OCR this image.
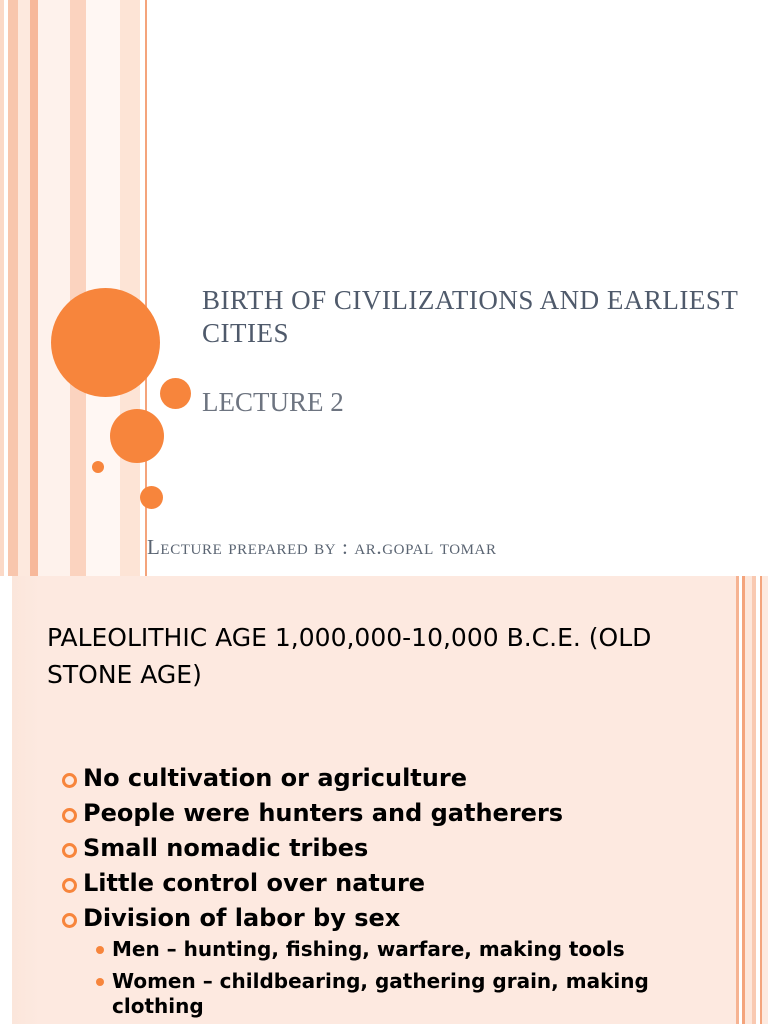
BIRTH OF CIVILIZATIONS AND EARLIEST CITIES

LECTURE 2

Lecture prepared by : ar.gopal tomar

PALEOLITHIC AGE 1,000,000-10,000 B.C.E. (OLD STONE AGE)
No cultivation or agriculture
People were hunters and gatherers
Small nomadic tribes
Little control over nature
Division of labor by sex
Men – hunting, fishing, warfare, making tools
Women – childbearing, gathering grain, making clothing
